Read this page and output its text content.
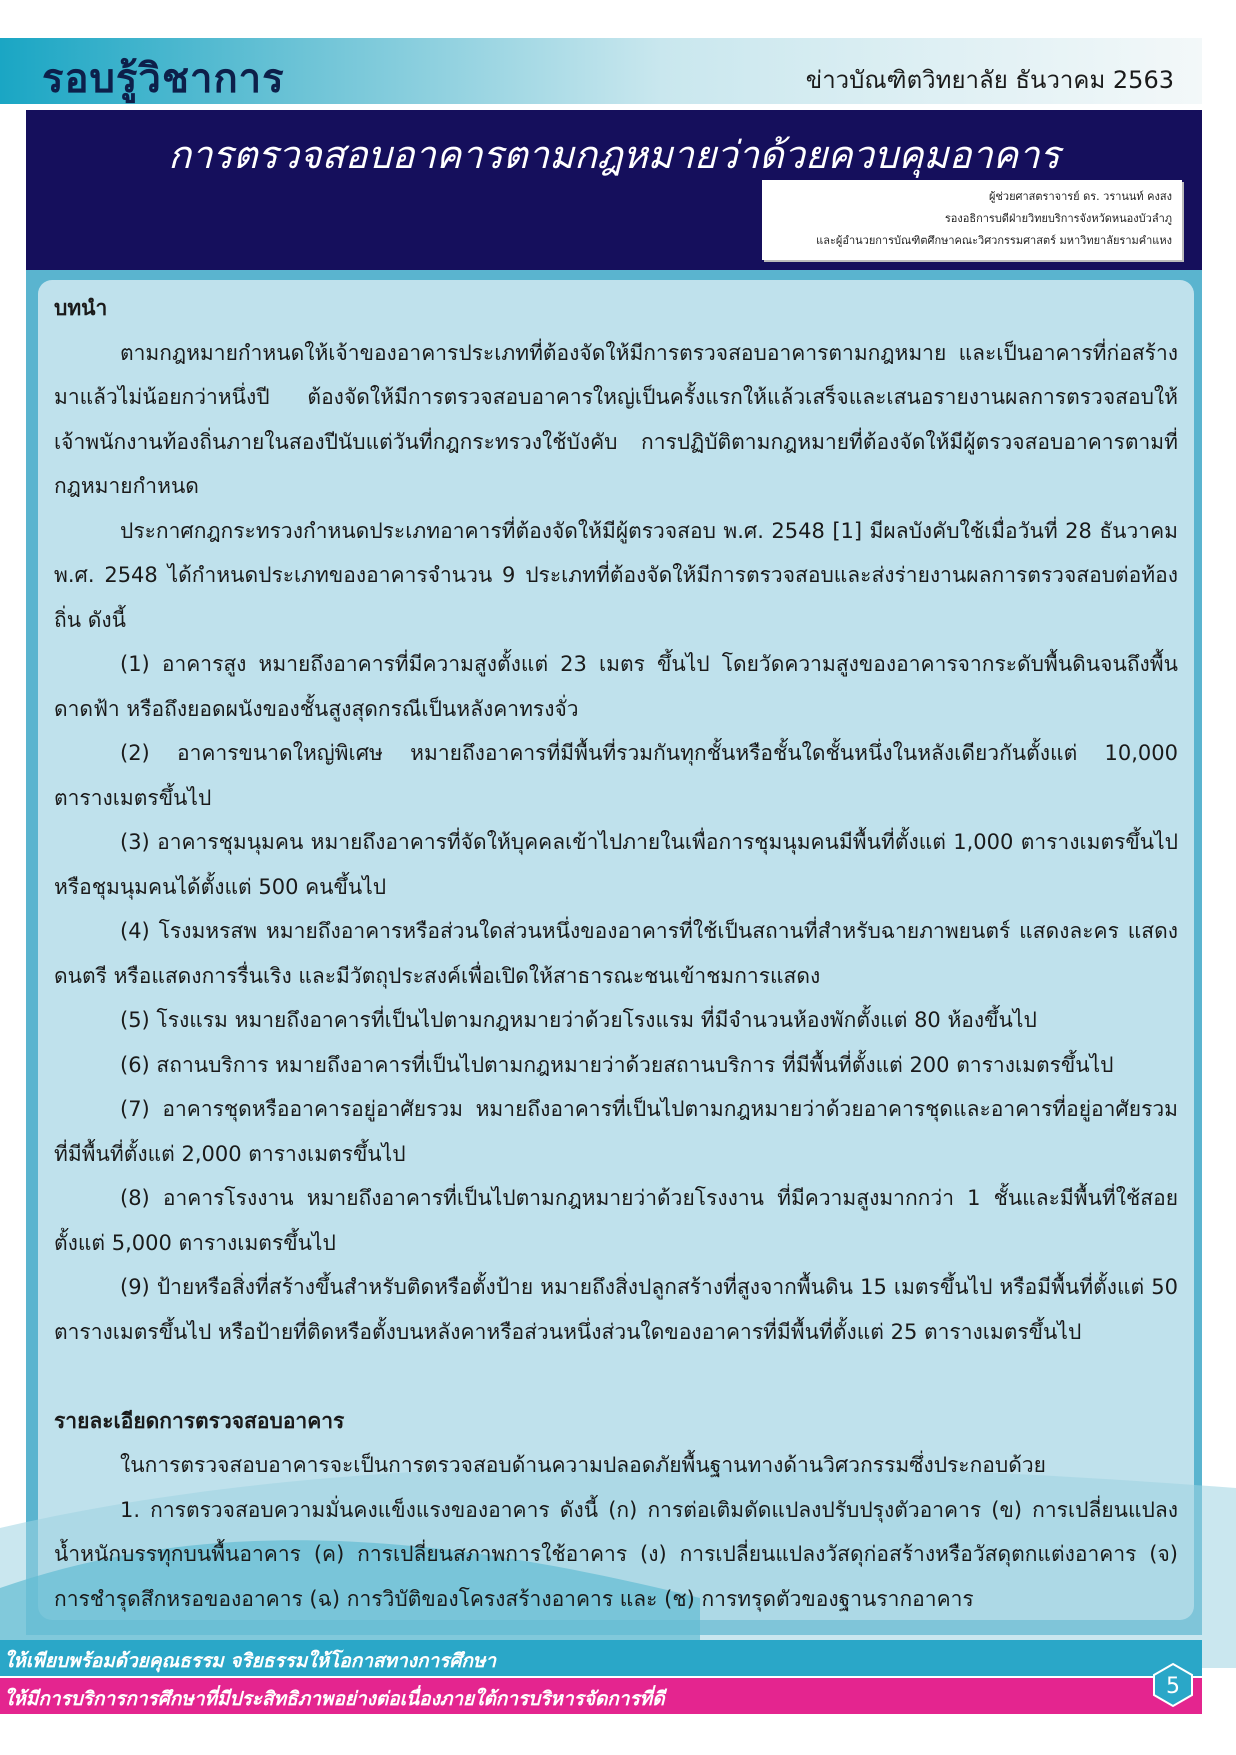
รอบรู้วิชาการ	ข่าวบัณฑิตวิทยาลัย ธันวาคม 2563
การตรวจสอบอาคารตามกฎหมายว่าด้วยควบคุมอาคาร
ผู้ช่วยศาสตราจารย์ ดร. วรานนท์ คงสง
รองอธิการบดีฝ่ายวิทยบริการจังหวัดหนองบัวลำภู
และผู้อำนวยการบัณฑิตศึกษาคณะวิศวกรรมศาสตร์ มหาวิทยาลัยรามคำแหง
บทนำ

ตามกฎหมายกำหนดให้เจ้าของอาคารประเภทที่ต้องจัดให้มีการตรวจสอบอาคารตามกฎหมาย และเป็นอาคารที่ก่อสร้างมาแล้วไม่น้อยกว่าหนึ่งปี ต้องจัดให้มีการตรวจสอบอาคารใหญ่เป็นครั้งแรกให้แล้วเสร็จและเสนอรายงานผลการตรวจสอบให้เจ้าพนักงานท้องถิ่นภายในสองปีนับแต่วันที่กฎกระทรวงใช้บังคับ การปฏิบัติตามกฎหมายที่ต้องจัดให้มีผู้ตรวจสอบอาคารตามที่กฎหมายกำหนด

ประกาศกฎกระทรวงกำหนดประเภทอาคารที่ต้องจัดให้มีผู้ตรวจสอบ พ.ศ. 2548 [1] มีผลบังคับใช้เมื่อวันที่ 28 ธันวาคม พ.ศ. 2548 ได้กำหนดประเภทของอาคารจำนวน 9 ประเภทที่ต้องจัดให้มีการตรวจสอบและส่งร่ายงานผลการตรวจสอบต่อท้องถิ่น ดังนี้

(1) อาคารสูง หมายถึงอาคารที่มีความสูงตั้งแต่ 23 เมตร ขึ้นไป โดยวัดความสูงของอาคารจากระดับพื้นดินจนถึงพื้นดาดฟ้า หรือถึงยอดผนังของชั้นสูงสุดกรณีเป็นหลังคาทรงจั่ว

(2) อาคารขนาดใหญ่พิเศษ หมายถึงอาคารที่มีพื้นที่รวมกันทุกชั้นหรือชั้นใดชั้นหนึ่งในหลังเดียวกันตั้งแต่ 10,000 ตารางเมตรขึ้นไป

(3) อาคารชุมนุมคน หมายถึงอาคารที่จัดให้บุคคลเข้าไปภายในเพื่อการชุมนุมคนมีพื้นที่ตั้งแต่ 1,000 ตารางเมตรขึ้นไป หรือชุมนุมคนได้ตั้งแต่ 500 คนขึ้นไป

(4) โรงมหรสพ หมายถึงอาคารหรือส่วนใดส่วนหนึ่งของอาคารที่ใช้เป็นสถานที่สำหรับฉายภาพยนตร์ แสดงละคร แสดงดนตรี หรือแสดงการรื่นเริง และมีวัตถุประสงค์เพื่อเปิดให้สาธารณะชนเข้าชมการแสดง

(5) โรงแรม หมายถึงอาคารที่เป็นไปตามกฎหมายว่าด้วยโรงแรม ที่มีจำนวนห้องพักตั้งแต่ 80 ห้องขึ้นไป

(6) สถานบริการ หมายถึงอาคารที่เป็นไปตามกฎหมายว่าด้วยสถานบริการ ที่มีพื้นที่ตั้งแต่ 200 ตารางเมตรขึ้นไป

(7) อาคารชุดหรืออาคารอยู่อาศัยรวม หมายถึงอาคารที่เป็นไปตามกฎหมายว่าด้วยอาคารชุดและอาคารที่อยู่อาศัยรวมที่มีพื้นที่ตั้งแต่ 2,000 ตารางเมตรขึ้นไป

(8) อาคารโรงงาน หมายถึงอาคารที่เป็นไปตามกฎหมายว่าด้วยโรงงาน ที่มีความสูงมากกว่า 1 ชั้นและมีพื้นที่ใช้สอยตั้งแต่ 5,000 ตารางเมตรขึ้นไป

(9) ป้ายหรือสิ่งที่สร้างขึ้นสำหรับติดหรือตั้งป้าย หมายถึงสิ่งปลูกสร้างที่สูงจากพื้นดิน 15 เมตรขึ้นไป หรือมีพื้นที่ตั้งแต่ 50 ตารางเมตรขึ้นไป หรือป้ายที่ติดหรือตั้งบนหลังคาหรือส่วนหนึ่งส่วนใดของอาคารที่มีพื้นที่ตั้งแต่ 25 ตารางเมตรขึ้นไป

รายละเอียดการตรวจสอบอาคาร

ในการตรวจสอบอาคารจะเป็นการตรวจสอบด้านความปลอดภัยพื้นฐานทางด้านวิศวกรรมซึ่งประกอบด้วย

1. การตรวจสอบความมั่นคงแข็งแรงของอาคาร ดังนี้ (ก) การต่อเติมดัดแปลงปรับปรุงตัวอาคาร (ข) การเปลี่ยนแปลงน้ำหนักบรรทุกบนพื้นอาคาร (ค) การเปลี่ยนสภาพการใช้อาคาร (ง) การเปลี่ยนแปลงวัสดุก่อสร้างหรือวัสดุตกแต่งอาคาร (จ) การชำรุดสึกหรอของอาคาร (ฉ) การวิบัติของโครงสร้างอาคาร และ (ช) การทรุดตัวของฐานรากอาคาร

ให้เพียบพร้อมด้วยคุณธรรม จริยธรรมให้โอกาสทางการศึกษา
ให้มีการบริการการศึกษาที่มีประสิทธิภาพอย่างต่อเนื่องภายใต้การบริหารจัดการที่ดี	5
